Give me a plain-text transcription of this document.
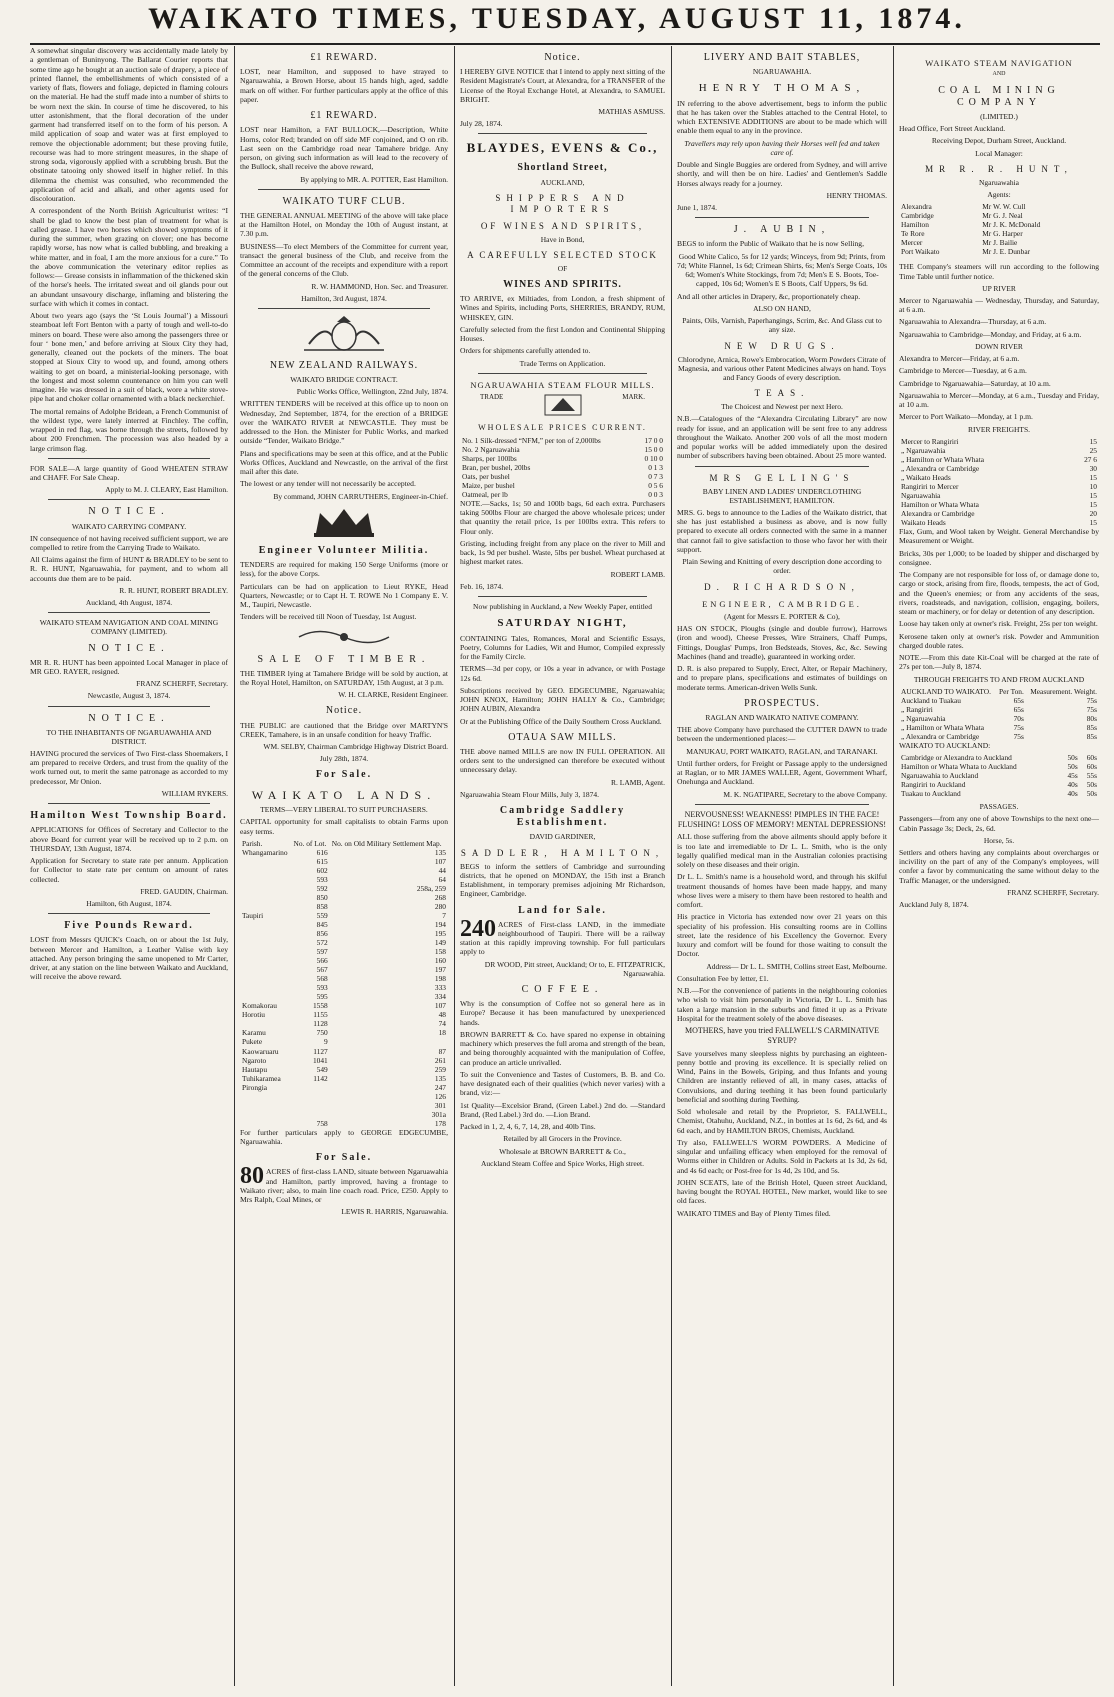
WAIKATO TIMES, TUESDAY, AUGUST 11, 1874.

A somewhat singular discovery was accidentally made lately by a gentleman of Buninyong. The Ballarat Courier reports that some time ago he bought at an auction sale of drapery, a piece of printed flannel, the embellishments of which consisted of a variety of flats, flowers and foliage, depicted in flaming colours on the material. He had the stuff made into a number of shirts to be worn next the skin. In course of time he discovered, to his utter astonishment, that the floral decoration of the under garment had transferred itself on to the form of his person. A mild application of soap and water was at first employed to remove the objectionable adornment; but these proving futile, recourse was had to more stringent measures, in the shape of strong soda, vigorously applied with a scrubbing brush. But the obstinate tatooing only showed itself in higher relief. In this dilemma the chemist was consulted, who recommended the application of acid and alkali, and other agents used for discolouration.

A correspondent of the North British Agriculturist writes: “I shall be glad to know the best plan of treatment for what is called grease. I have two horses which showed symptoms of it during the summer, when grazing on clover; one has become rapidly worse, has now what is called bubbling, and breaking a white matter, and in foal, I am the more anxious for a cure.” To the above communication the veterinary editor replies as follows:— Grease consists in inflammation of the thickened skin of the horse's heels. The irritated sweat and oil glands pour out an abundant unsavoury discharge, inflaming and blistering the surface with which it comes in contact.

About two years ago (says the ‘St Louis Journal’) a Missouri steamboat left Fort Benton with a party of tough and well-to-do miners on board. These were also among the passengers three or four ‘ bone men,’ and before arriving at Sioux City they had, generally, cleaned out the pockets of the miners. The boat stopped at Sioux City to wood up, and found, among others waiting to get on board, a ministerial-looking personage, with the longest and most solemn countenance on him you can well imagine. He was dressed in a suit of black, wore a white stove-pipe hat and choker collar ornamented with a black neckerchief.

The mortal remains of Adolphe Bridean, a French Communist of the wildest type, were lately interred at Finchley. The coffin, wrapped in red flag, was borne through the streets, followed by about 200 Frenchmen. The procession was also headed by a large crimson flag.

FOR SALE—A large quantity of Good WHEATEN STRAW and CHAFF. For Sale Cheap.

Apply to M. J. CLEARY, East Hamilton.
NOTICE.
WAIKATO CARRYING COMPANY.

IN consequence of not having received sufficient support, we are compelled to retire from the Carrying Trade to Waikato.

All Claims against the firm of HUNT & BRADLEY to be sent to R. R. HUNT, Ngaruawahia, for payment, and to whom all accounts due them are to be paid.

R. R. HUNT, ROBERT BRADLEY.
Auckland, 4th August, 1874.
WAIKATO STEAM NAVIGATION AND COAL MINING COMPANY (LIMITED).
NOTICE.

MR R. R. HUNT has been appointed Local Manager in place of MR GEO. RAYER, resigned.

FRANZ SCHERFF, Secretary.
Newcastle, August 3, 1874.
NOTICE.
TO THE INHABITANTS OF NGARUAWAHIA AND DISTRICT.

HAVING procured the services of Two First-class Shoemakers, I am prepared to receive Orders, and trust from the quality of the work turned out, to merit the same patronage as accorded to my predecessor, Mr Onion.

WILLIAM RYKERS.
Hamilton West Township Board.

APPLICATIONS for Offices of Secretary and Collector to the above Board for current year will be received up to 2 p.m. on THURSDAY, 13th August, 1874.

Application for Secretary to state rate per annum. Application for Collector to state rate per centum on amount of rates collected.

FRED. GAUDIN, Chairman.
Hamilton, 6th August, 1874.
Five Pounds Reward.

LOST from Messrs QUICK's Coach, on or about the 1st July, between Mercer and Hamilton, a Leather Valise with key attached. Any person bringing the same unopened to Mr Carter, driver, at any station on the line between Waikato and Auckland, will receive the above reward.

£1 REWARD.

LOST, near Hamilton, and supposed to have strayed to Ngaruawahia, a Brown Horse, about 15 hands high, aged, saddle mark on off wither. For further particulars apply at the office of this paper.

£1 REWARD.

LOST near Hamilton, a FAT BULLOCK,—Description, White Horns, color Red; branded on off side MF conjoined, and O on rib. Last seen on the Cambridge road near Tamahere bridge. Any person, on giving such information as will lead to the recovery of the Bullock, shall receive the above reward,

By applying to MR. A. POTTER, East Hamilton.
WAIKATO TURF CLUB.

THE GENERAL ANNUAL MEETING of the above will take place at the Hamilton Hotel, on Monday the 10th of August instant, at 7.30 p.m.

BUSINESS—To elect Members of the Committee for current year, transact the general business of the Club, and receive from the Committee an account of the receipts and expenditure with a report of the general concerns of the Club.

R. W. HAMMOND, Hon. Sec. and Treasurer.
Hamilton, 3rd August, 1874.
NEW ZEALAND RAILWAYS.
WAIKATO BRIDGE CONTRACT.
Public Works Office, Wellington, 22nd July, 1874.

WRITTEN TENDERS will be received at this office up to noon on Wednesday, 2nd September, 1874, for the erection of a BRIDGE over the WAIKATO RIVER at NEWCASTLE. They must be addressed to the Hon. the Minister for Public Works, and marked outside “Tender, Waikato Bridge.”

Plans and specifications may be seen at this office, and at the Public Works Offices, Auckland and Newcastle, on the arrival of the first mail after this date.

The lowest or any tender will not necessarily be accepted.

By command, JOHN CARRUTHERS, Engineer-in-Chief.
Engineer Volunteer Militia.

TENDERS are required for making 150 Serge Uniforms (more or less), for the above Corps.

Particulars can be had on application to Lieut RYKE, Head Quarters, Newcastle; or to Capt H. T. ROWE No 1 Company E. V. M., Taupiri, Newcastle.

Tenders will be received till Noon of Tuesday, 1st August.

SALE OF TIMBER.

THE TIMBER lying at Tamahere Bridge will be sold by auction, at the Royal Hotel, Hamilton, on SATURDAY, 15th August, at 3 p.m.

W. H. CLARKE, Resident Engineer.
Notice.

THE PUBLIC are cautioned that the Bridge over MARTYN'S CREEK, Tamahere, is in an unsafe condition for heavy Traffic.

WM. SELBY, Chairman Cambridge Highway District Board.
July 28th, 1874.
For Sale.
WAIKATO LANDS.
TERMS—VERY LIBERAL TO SUIT PURCHASERS.

CAPITAL opportunity for small capitalists to obtain Farms upon easy terms.

Parish.	No. of Lot.	No. on Old Military Settlement Map.
Whangamarino	616	135
	615	107
	602	44
	593	64
	592	258a, 259
	850	268
	858	280
Taupiri	559	7
	845	194
	856	195
	572	149
	597	158
	566	160
	567	197
	568	198
	593	333
	595	334
Komakorau	1558	107
Horotiu	1155	48
	1128	74
Karamu	750	18
Pukete	9	
Kaowaruaru	1127	87
Ngaroto	1041	261
Hautapu	549	259
Tuhikaramea	1142	135
Pirongia		247
		126
		301
		301a
	758	178

For further particulars apply to GEORGE EDGECUMBE, Ngaruawahia.

For Sale.

80 ACRES of first-class LAND, situate between Ngaruawahia and Hamilton, partly improved, having a frontage to Waikato river; also, to main line coach road. Price, £250. Apply to Mrs Ralph, Coal Mines, or

LEWIS R. HARRIS, Ngaruawahia.
Notice.

I HEREBY GIVE NOTICE that I intend to apply next sitting of the Resident Magistrate's Court, at Alexandra, for a TRANSFER of the License of the Royal Exchange Hotel, at Alexandra, to SAMUEL BRIGHT.

MATHIAS ASMUSS.
July 28, 1874.
BLAYDES, EVENS & Co.,
Shortland Street,
AUCKLAND,
SHIPPERS AND IMPORTERS
OF WINES AND SPIRITS,
Have in Bond,
A CAREFULLY SELECTED STOCK
OF
WINES AND SPIRITS.

TO ARRIVE, ex Miltiades, from London, a fresh shipment of Wines and Spirits, including Ports, SHERRIES, BRANDY, RUM, WHISKEY, GIN.

Carefully selected from the first London and Continental Shipping Houses.

Orders for shipments carefully attended to.

Trade Terms on Application.
NGARUAWAHIA STEAM FLOUR MILLS.
TRADE	MARK.
WHOLESALE PRICES CURRENT.
No. 1 Silk-dressed “NFM,” per ton of 2,000lbs	17 0 0
No. 2 Ngaruawahia	15 0 0
Sharps, per 100lbs	0 10 0
Bran, per bushel, 20lbs	0 1 3
Oats, per bushel	0 7 3
Maize, per bushel	0 5 6
Oatmeal, per lb	0 0 3

NOTE.—Sacks, 1s; 50 and 100lb bags, 6d each extra. Purchasers taking 500lbs Flour are charged the above wholesale prices; under that quantity the retail price, 1s per 100lbs extra. This refers to Flour only.

Gristing, including freight from any place on the river to Mill and back, 1s 9d per bushel. Waste, 5lbs per bushel. Wheat purchased at highest market rates.

ROBERT LAMB.
Feb. 16, 1874.
Now publishing in Auckland, a New Weekly Paper, entitled
SATURDAY NIGHT,

CONTAINING Tales, Romances, Moral and Scientific Essays, Poetry, Columns for Ladies, Wit and Humor, Compiled expressly for the Family Circle.

TERMS—3d per copy, or 10s a year in advance, or with Postage 12s 6d.

Subscriptions received by GEO. EDGECUMBE, Ngaruawahia; JOHN KNOX, Hamilton; JOHN HALLY & Co., Cambridge; JOHN AUBIN, Alexandra

Or at the Publishing Office of the Daily Southern Cross Auckland.

OTAUA SAW MILLS.

THE above named MILLS are now IN FULL OPERATION. All orders sent to the undersigned can therefore be executed without unnecessary delay.

R. LAMB, Agent.
Ngaruawahia Steam Flour Mills, July 3, 1874.
Cambridge Saddlery Establishment.
DAVID GARDINER,
SADDLER, HAMILTON,

BEGS to inform the settlers of Cambridge and surrounding districts, that he opened on MONDAY, the 15th inst a Branch Establishment, in temporary premises adjoining Mr Richardson, Engineer, Cambridge.

Land for Sale.

240 ACRES of First-class LAND, in the immediate neighbourhood of Taupiri. There will be a railway station at this rapidly improving township. For full particulars apply to

DR WOOD, Pitt street, Auckland; Or to, E. FITZPATRICK, Ngaruawahia.
COFFEE.

Why is the consumption of Coffee not so general here as in Europe? Because it has been manufactured by unexperienced hands.

BROWN BARRETT & Co. have spared no expense in obtaining machinery which preserves the full aroma and strength of the bean, and being thoroughly acquainted with the manipulation of Coffee, can produce an article unrivalled.

To suit the Convenience and Tastes of Customers, B. B. and Co. have designated each of their qualities (which never varies) with a brand, viz:—

1st Quality—Excelsior Brand, (Green Label.) 2nd do. —Standard Brand, (Red Label.) 3rd do. —Lion Brand.

Packed in 1, 2, 4, 6, 7, 14, 28, and 40lb Tins.

Retailed by all Grocers in the Province.
Wholesale at BROWN BARRETT & Co.,
Auckland Steam Coffee and Spice Works, High street.
LIVERY AND BAIT STABLES,
NGARUAWAHIA.
HENRY THOMAS,

IN referring to the above advertisement, begs to inform the public that he has taken over the Stables attached to the Central Hotel, to which EXTENSIVE ADDITIONS are about to be made which will enable them equal to any in the province.

Travellers may rely upon having their Horses well fed and taken care of.

Double and Single Buggies are ordered from Sydney, and will arrive shortly, and will then be on hire. Ladies' and Gentlemen's Saddle Horses always ready for a journey.

HENRY THOMAS.
June 1, 1874.
J. AUBIN,

BEGS to inform the Public of Waikato that he is now Selling,

Good White Calico, 5s for 12 yards; Winceys, from 9d; Prints, from 7d; White Flannel, 1s 6d; Crimean Shirts, 6s; Men's Serge Coats, 10s 6d; Women's White Stockings, from 7d; Men's E S. Boots, Toe-capped, 10s 6d; Women's E S Boots, Calf Uppers, 9s 6d.

And all other articles in Drapery, &c, proportionately cheap.

ALSO ON HAND,

Paints, Oils, Varnish, Paperhangings, Scrim, &c. And Glass cut to any size.

NEW DRUGS.

Chlorodyne, Arnica, Rowe's Embrocation, Worm Powders Citrate of Magnesia, and various other Patent Medicines always on hand. Toys and Fancy Goods of every description.

TEAS.
The Choicest and Newest per next Hero.

N.B.—Catalogues of the “Alexandra Circulating Library” are now ready for issue, and an application will be sent free to any address throughout the Waikato. Another 200 vols of all the most modern and popular works will be added immediately upon the desired number of subscribers having been obtained. About 25 more wanted.

MRS GELLING'S
BABY LINEN AND LADIES' UNDERCLOTHING ESTABLISHMENT, HAMILTON.

MRS. G. begs to announce to the Ladies of the Waikato district, that she has just established a business as above, and is now fully prepared to execute all orders connected with the same in a manner that cannot fail to give satisfaction to those who favor her with their support.

Plain Sewing and Knitting of every description done according to order.

D. RICHARDSON,
ENGINEER, CAMBRIDGE.
(Agent for Messrs E. PORTER & Co),

HAS ON STOCK, Ploughs (single and double furrow), Harrows (iron and wood), Cheese Presses, Wire Strainers, Chaff Pumps, Fittings, Douglas' Pumps, Iron Bedsteads, Stoves, &c, &c. Sewing Machines (hand and treadle), guaranteed in working order.

D. R. is also prepared to Supply, Erect, Alter, or Repair Machinery, and to prepare plans, specifications and estimates of buildings on moderate terms. American-driven Wells Sunk.

PROSPECTUS.
RAGLAN AND WAIKATO NATIVE COMPANY.

THE above Company have purchased the CUTTER DAWN to trade between the undermentioned places:—

MANUKAU, PORT WAIKATO, RAGLAN, and TARANAKI.

Until further orders, for Freight or Passage apply to the undersigned at Raglan, or to MR JAMES WALLER, Agent, Government Wharf, Onehunga and Auckland.

M. K. NGATIPARE, Secretary to the above Company.
NERVOUSNESS! WEAKNESS! PIMPLES IN THE FACE! FLUSHING! LOSS OF MEMORY! MENTAL DEPRESSIONS!

ALL those suffering from the above ailments should apply before it is too late and irremediable to Dr L. L. Smith, who is the only legally qualified medical man in the Australian colonies practising solely on these diseases and their origin.

Dr L. L. Smith's name is a household word, and through his skilful treatment thousands of homes have been made happy, and many whose lives were a misery to them have been restored to health and comfort.

His practice in Victoria has extended now over 21 years on this speciality of his profession. His consulting rooms are in Collins street, late the residence of his Excellency the Governor. Every luxury and comfort will be found for those waiting to consult the Doctor.

Address— Dr L. L. SMITH, Collins street East, Melbourne.

Consultation Fee by letter, £1.

N.B.—For the convenience of patients in the neighbouring colonies who wish to visit him personally in Victoria, Dr L. L. Smith has taken a large mansion in the suburbs and fitted it up as a Private Hospital for the treatment solely of the above diseases.

MOTHERS, have you tried FALLWELL'S CARMINATIVE SYRUP?

Save yourselves many sleepless nights by purchasing an eighteen-penny bottle and proving its excellence. It is specially relied on Wind, Pains in the Bowels, Griping, and thus Infants and young Children are instantly relieved of all, in many cases, attacks of Convulsions, and during teething it has been found particularly beneficial and soothing during Teething.

Sold wholesale and retail by the Proprietor, S. FALLWELL, Chemist, Otahuhu, Auckland, N.Z., in bottles at 1s 6d, 2s 6d, and 4s 6d each, and by HAMILTON BROS, Chemists, Auckland.

Try also, FALLWELL'S WORM POWDERS. A Medicine of singular and unfailing efficacy when employed for the removal of Worms either in Children or Adults. Sold in Packets at 1s 3d, 2s 6d, and 4s 6d each; or Post-free for 1s 4d, 2s 10d, and 5s.

JOHN SCEATS, late of the British Hotel, Queen street Auckland, having bought the ROYAL HOTEL, New market, would like to see old faces.

WAIKATO TIMES and Bay of Plenty Times filed.

WAIKATO STEAM NAVIGATION
AND
COAL MINING COMPANY
(LIMITED.)

Head Office, Fort Street Auckland.

Receiving Depot, Durham Street, Auckland.

Local Manager:
MR R. R. HUNT,
Ngaruawahia
Agents:
Alexandra	Mr W. W. Cull
Cambridge	Mr G. J. Neal
Hamilton	Mr J. K. McDonald
Te Rore	Mr G. Harper
Mercer	Mr J. Bailie
Port Waikato	Mr J. E. Dunbar

THE Company's steamers will run according to the following Time Table until further notice.

UP RIVER

Mercer to Ngaruawahia — Wednesday, Thursday, and Saturday, at 6 a.m.

Ngaruawahia to Alexandra—Thursday, at 6 a.m.

Ngaruawahia to Cambridge—Monday, and Friday, at 6 a.m.

DOWN RIVER

Alexandra to Mercer—Friday, at 6 a.m.

Cambridge to Mercer—Tuesday, at 6 a.m.

Cambridge to Ngaruawahia—Saturday, at 10 a.m.

Ngaruawahia to Mercer—Monday, at 6 a.m., Tuesday and Friday, at 10 a.m.

Mercer to Port Waikato—Monday, at 1 p.m.

RIVER FREIGHTS.
Mercer to Rangiriri	15
„ Ngaruawahia	25
„ Hamilton or Whata Whata	27 6
„ Alexandra or Cambridge	30
„ Waikato Heads	15
Rangiriri to Mercer	10
Ngaruawahia	15
Hamilton or Whata Whata	15
Alexandra or Cambridge	20
Waikato Heads	15

Flax, Gum, and Wool taken by Weight. General Merchandise by Measurement or Weight.

Bricks, 30s per 1,000; to be loaded by shipper and discharged by consignee.

The Company are not responsible for loss of, or damage done to, cargo or stock, arising from fire, floods, tempests, the act of God, and the Queen's enemies; or from any accidents of the seas, rivers, roadsteads, and navigation, collision, engaging, boilers, steam or machinery, or for delay or detention of any description.

Loose hay taken only at owner's risk. Freight, 25s per ton weight.

Kerosene taken only at owner's risk. Powder and Ammunition charged double rates.

NOTE.—From this date Kit-Coal will be charged at the rate of 27s per ton.—July 8, 1874.

THROUGH FREIGHTS TO AND FROM AUCKLAND
AUCKLAND TO WAIKATO.	Per Ton.	Measurement. Weight.
Auckland to Tuakau	65s	75s
„ Rangiriri	65s	75s
„ Ngaruawahia	70s	80s
„ Hamilton or Whata Whata	75s	85s
„ Alexandra or Cambridge	75s	85s
WAIKATO TO AUCKLAND:
Cambridge or Alexandra to Auckland	50s	60s
Hamilton or Whata Whata to Auckland	50s	60s
Ngaruawahia to Auckland	45s	55s
Rangiriri to Auckland	40s	50s
Tuakau to Auckland	40s	50s
PASSAGES.

Passengers—from any one of above Townships to the next one—Cabin Passage 3s; Deck, 2s, 6d.

Horse, 5s.

Settlers and others having any complaints about overcharges or incivility on the part of any of the Company's employees, will confer a favor by communicating the same without delay to the Traffic Manager, or the undersigned.

FRANZ SCHERFF, Secretary.
Auckland July 8, 1874.
